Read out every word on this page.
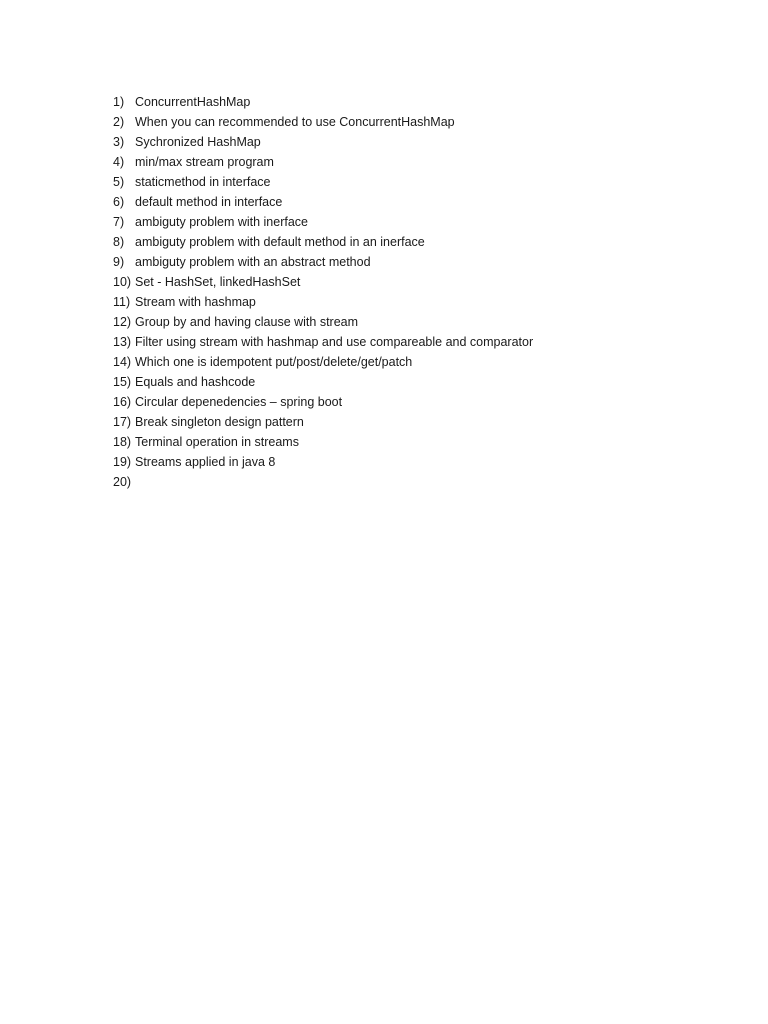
1) ConcurrentHashMap
2) When you can recommended to use ConcurrentHashMap
3) Sychronized HashMap
4) min/max stream program
5) staticmethod in interface
6) default method in interface
7) ambiguty problem with inerface
8) ambiguty problem with default method in an inerface
9) ambiguty problem with an abstract method
10) Set - HashSet, linkedHashSet
11) Stream with hashmap
12) Group by and having clause with stream
13) Filter using stream with hashmap and use compareable and comparator
14) Which one is idempotent put/post/delete/get/patch
15) Equals and hashcode
16) Circular depenedencies – spring boot
17) Break singleton design pattern
18) Terminal operation in streams
19) Streams applied in java 8
20)
